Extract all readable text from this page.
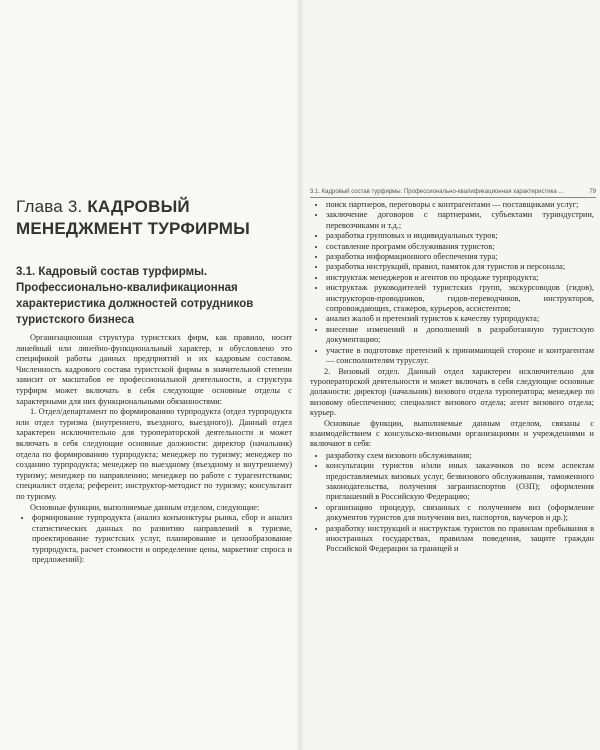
Глава 3. КАДРОВЫЙ МЕНЕДЖМЕНТ ТУРФИРМЫ
3.1. Кадровый состав турфирмы.
Профессионально-квалификационная
характеристика должностей сотрудников
туристского бизнеса

Организационная структура туристских фирм, как правило, носит линейный или линейно-функциональный характер, и обусловлено это спецификой работы данных предприятий и их кадровым составом. Численность кадрового состава туристской фирмы в значительной степени зависит от масштабов ее профессиональной деятельности, а структура турфирм может включать в себя следующие основные отделы с характерными для них функциональными обязанностями:

1. Отдел/департамент по формированию турпродукта (отдел турпродукта или отдел туризма (внутреннего, въездного, выездного)). Данный отдел характерен исключительно для туроператорской деятельности и может включать в себя следующие основные должности: директор (начальник) отдела по формированию турпродукта; менеджер по туризму; менеджер по созданию турпродукта; менеджер по выездному (въездному и внутреннему) туризму; менеджер по направлению; менеджер по работе с турагентствами; специалист отдела; референт; инструктор-методист по туризму; консультант по туризму.

Основные функции, выполняемые данным отделом, следующие:

• формирование турпродукта (анализ конъюнктуры рынка, сбор и анализ статистических данных по развитию направлений в туризме, проектирование туристских услуг, планирование и ценообразование турпродукта, расчет стоимости и определение цены, маркетинг спроса и предложений):
3.1. Кадровый состав турфирмы. Профессионально-квалификационная характеристика ...	79
• поиск партнеров, переговоры с контрагентами — поставщиками услуг;
• заключение договоров с партнерами, субъектами туриндустрии, перевозчиками и т.д.;
• разработка групповых и индивидуальных туров;
• составление программ обслуживания туристов;
• разработка информационного обеспечения тура;
• разработка инструкций, правил, памяток для туристов и персонала;
• инструктаж менеджеров и агентов по продаже турпродукта;
• инструктаж руководителей туристских групп, экскурсоводов (гидов), инструкторов-проводников, гидов-переводчиков, инструкторов, сопровождающих, стажеров, курьеров, ассистентов;
• анализ жалоб и претензий туристов к качеству турпродукта;
• внесение изменений и дополнений в разработанную туристскую документацию;
• участие в подготовке претензий к принимающей стороне и контрагентам — соисполнителям туруслуг.

2. Визовый отдел. Данный отдел характерен исключительно для туроператорской деятельности и может включать в себя следующие основные должности: директор (начальник) визового отдела туроператора; менеджер по визовому обеспечению; специалист визового отдела; агент визового отдела; курьер.

Основные функции, выполняемые данным отделом, связаны с взаимодействием с консульско-визовыми организациями и учреждениями и включают в себя:

• разработку схем визового обслуживания;
• консультации туристов и/или иных заказчиков по всем аспектам предоставляемых визовых услуг, безвизового обслуживания, таможенного законодательства, получения загранпаспортов (ОЗП); оформления приглашений в Российскую Федерацию;
• организацию процедур, связанных с получением виз (оформление документов туристов для получения виз, паспортов, ваучеров и др.);
• разработку инструкций и инструктаж туристов по правилам пребывания в иностранных государствах, правилам поведения, защите граждан Российской Федерации за границей и
